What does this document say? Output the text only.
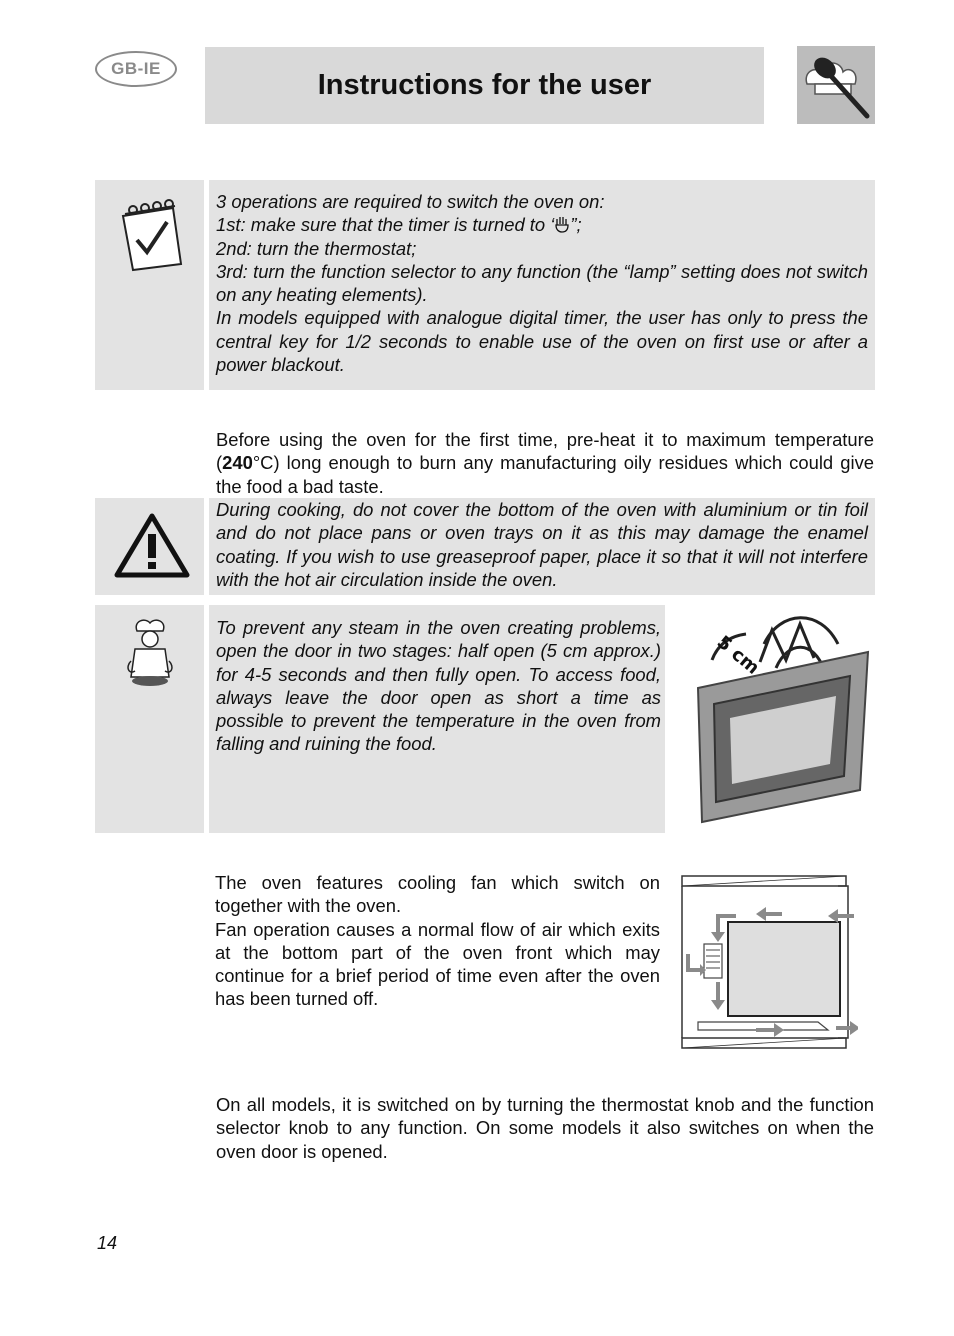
GB-IE
Instructions for the user

3 operations are required to switch the oven on:

1st: make sure that the timer is turned to ‘ ”;

2nd: turn the thermostat;

3rd: turn the function selector to any function (the “lamp” setting does not switch on any heating elements).

In models equipped with analogue digital timer, the user has only to press the central key for 1/2 seconds to enable use of the oven on first use or after a power blackout.

Before using the oven for the first time, pre-heat it to maximum temperature (240°C) long enough to burn any manufacturing oily residues which could give the food a bad taste.
During cooking, do not cover the bottom of the oven with aluminium or tin foil and do not place pans or oven trays on it as this may damage the enamel coating. If you wish to use greaseproof paper, place it so that it will not interfere with the hot air circulation inside the oven.
To prevent any steam in the oven creating problems, open the door in two stages: half open (5 cm approx.) for 4-5 seconds and then fully open. To access food, always leave the door open as short a time as possible to prevent the temperature in the oven from falling and ruining the food.
5 cm

The oven features cooling fan which switch on together with the oven.

Fan operation causes a normal flow of air which exits at the bottom part of the oven front which may continue for a brief period of time even after the oven has been turned off.

On all models, it is switched on by turning the thermostat knob and the function selector knob to any function. On some models it also switches on when the oven door is opened.
14
